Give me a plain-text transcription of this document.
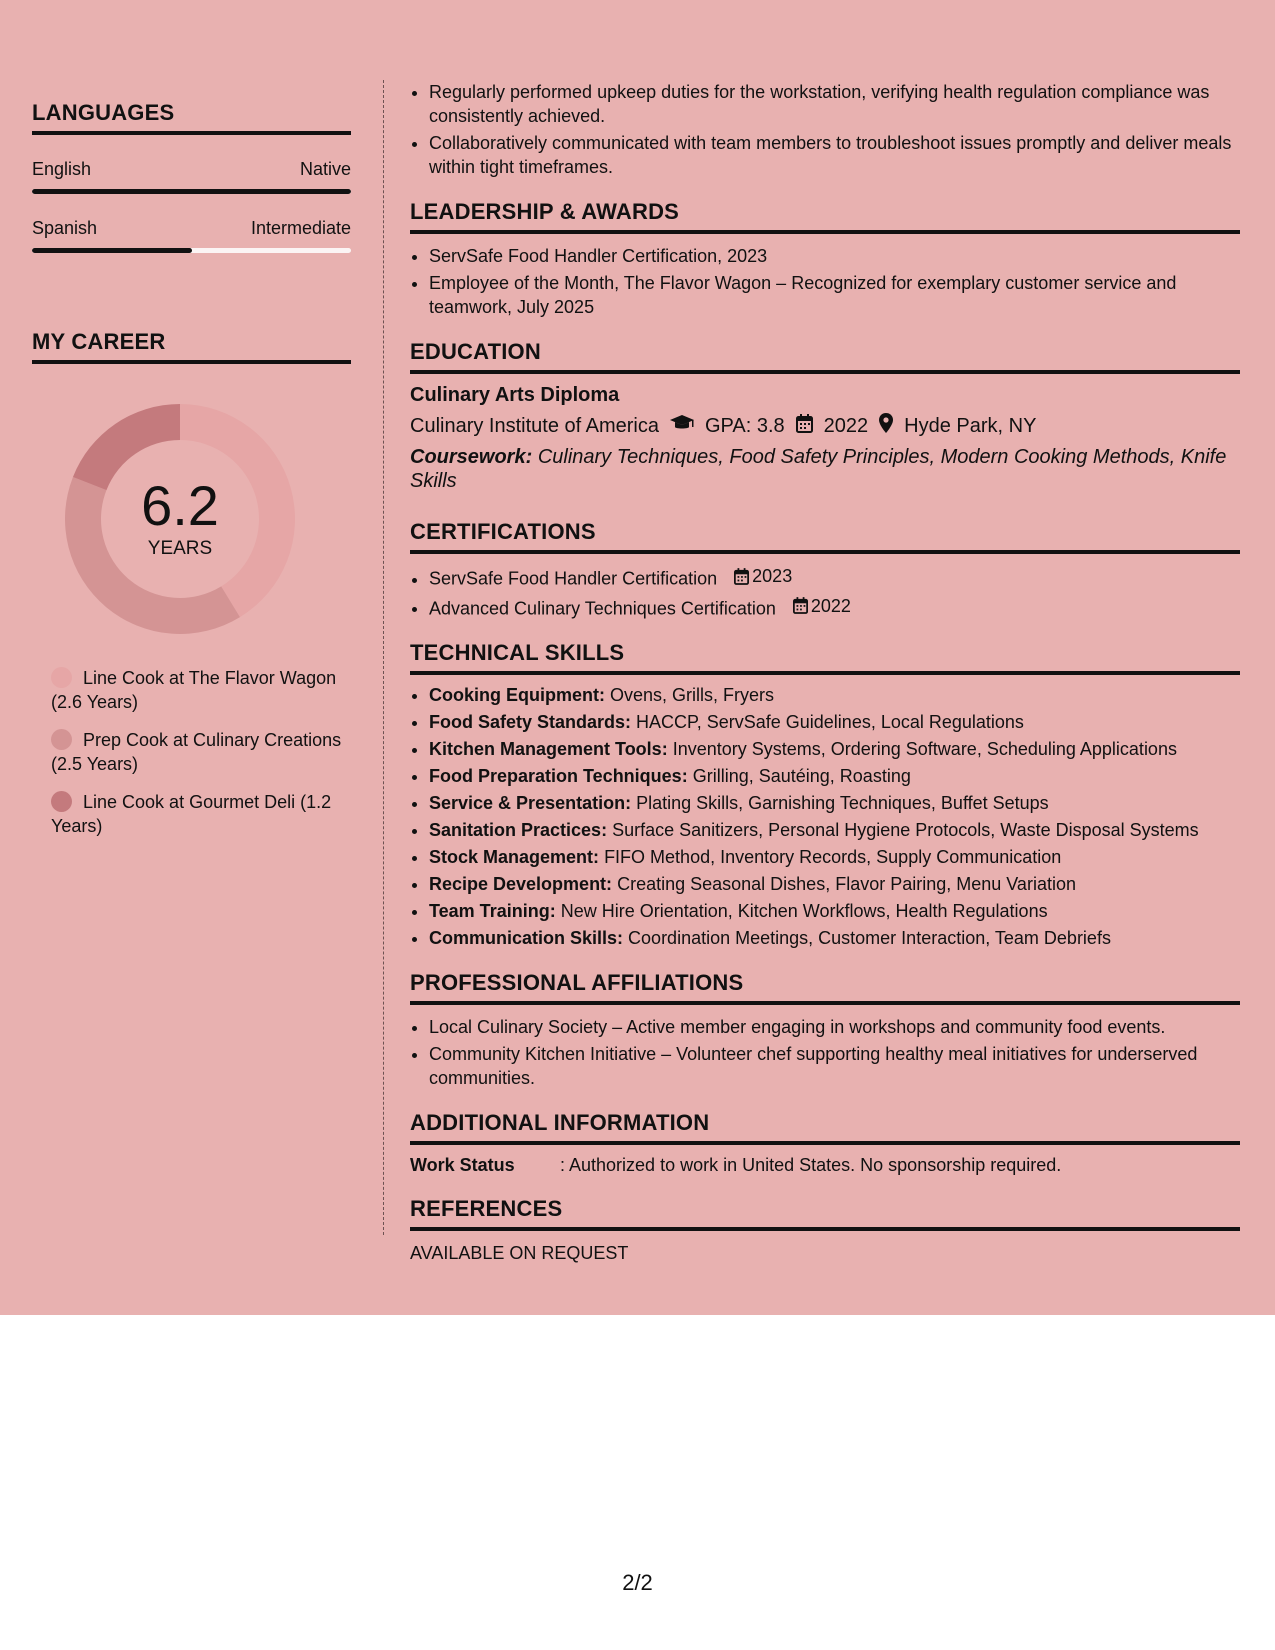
LANGUAGES
English	Native
Spanish	Intermediate
MY CAREER
6.2
YEARS
Line Cook at The Flavor Wagon (2.6 Years)
Prep Cook at Culinary Creations (2.5 Years)
Line Cook at Gourmet Deli (1.2 Years)
• Regularly performed upkeep duties for the workstation, verifying health regulation compliance was consistently achieved.
• Collaboratively communicated with team members to troubleshoot issues promptly and deliver meals within tight timeframes.
LEADERSHIP & AWARDS
• ServSafe Food Handler Certification, 2023
• Employee of the Month, The Flavor Wagon – Recognized for exemplary customer service and teamwork, July 2025
EDUCATION
Culinary Arts Diploma
Culinary Institute of America GPA: 3.8 2022 Hyde Park, NY
Coursework: Culinary Techniques, Food Safety Principles, Modern Cooking Methods, Knife Skills
CERTIFICATIONS
• ServSafe Food Handler Certification 2023
• Advanced Culinary Techniques Certification 2022
TECHNICAL SKILLS
• Cooking Equipment: Ovens, Grills, Fryers
• Food Safety Standards: HACCP, ServSafe Guidelines, Local Regulations
• Kitchen Management Tools: Inventory Systems, Ordering Software, Scheduling Applications
• Food Preparation Techniques: Grilling, Sautéing, Roasting
• Service & Presentation: Plating Skills, Garnishing Techniques, Buffet Setups
• Sanitation Practices: Surface Sanitizers, Personal Hygiene Protocols, Waste Disposal Systems
• Stock Management: FIFO Method, Inventory Records, Supply Communication
• Recipe Development: Creating Seasonal Dishes, Flavor Pairing, Menu Variation
• Team Training: New Hire Orientation, Kitchen Workflows, Health Regulations
• Communication Skills: Coordination Meetings, Customer Interaction, Team Debriefs
PROFESSIONAL AFFILIATIONS
• Local Culinary Society – Active member engaging in workshops and community food events.
• Community Kitchen Initiative – Volunteer chef supporting healthy meal initiatives for underserved communities.
ADDITIONAL INFORMATION
Work Status	: Authorized to work in United States. No sponsorship required.
REFERENCES
AVAILABLE ON REQUEST
2/2
